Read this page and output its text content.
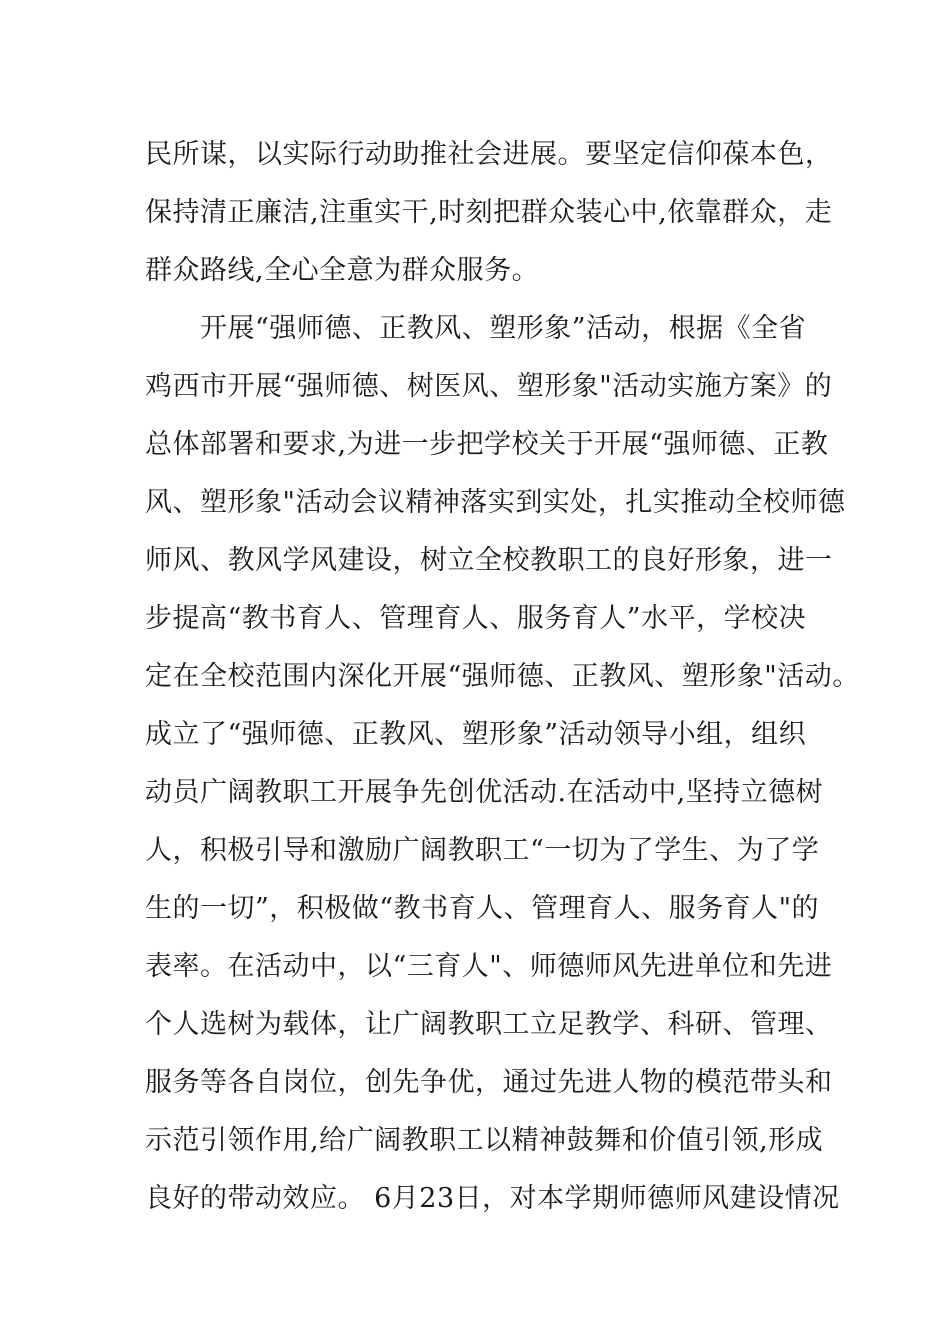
民所谋，以实际行动助推社会进展。要坚定信仰葆本色，
保持清正廉洁,注重实干,时刻把群众装心中,依靠群众，走
群众路线,全心全意为群众服务。
　　开展“强师德、正教风、塑形象”活动，根据《全省
鸡西市开展“强师德、树医风、塑形象"活动实施方案》的
总体部署和要求,为进一步把学校关于开展“强师德、正教
风、塑形象"活动会议精神落实到实处，扎实推动全校师德
师风、教风学风建设，树立全校教职工的良好形象，进一
步提高“教书育人、管理育人、服务育人”水平，学校决
定在全校范围内深化开展“强师德、正教风、塑形象"活动。
成立了“强师德、正教风、塑形象”活动领导小组，组织
动员广阔教职工开展争先创优活动.在活动中,坚持立德树
人，积极引导和激励广阔教职工“一切为了学生、为了学
生的一切”，积极做“教书育人、管理育人、服务育人"的
表率。在活动中，以“三育人"、师德师风先进单位和先进
个人选树为载体，让广阔教职工立足教学、科研、管理、
服务等各自岗位，创先争优，通过先进人物的模范带头和
示范引领作用,给广阔教职工以精神鼓舞和价值引领,形成
良好的带动效应。 6月23日，对本学期师德师风建设情况
